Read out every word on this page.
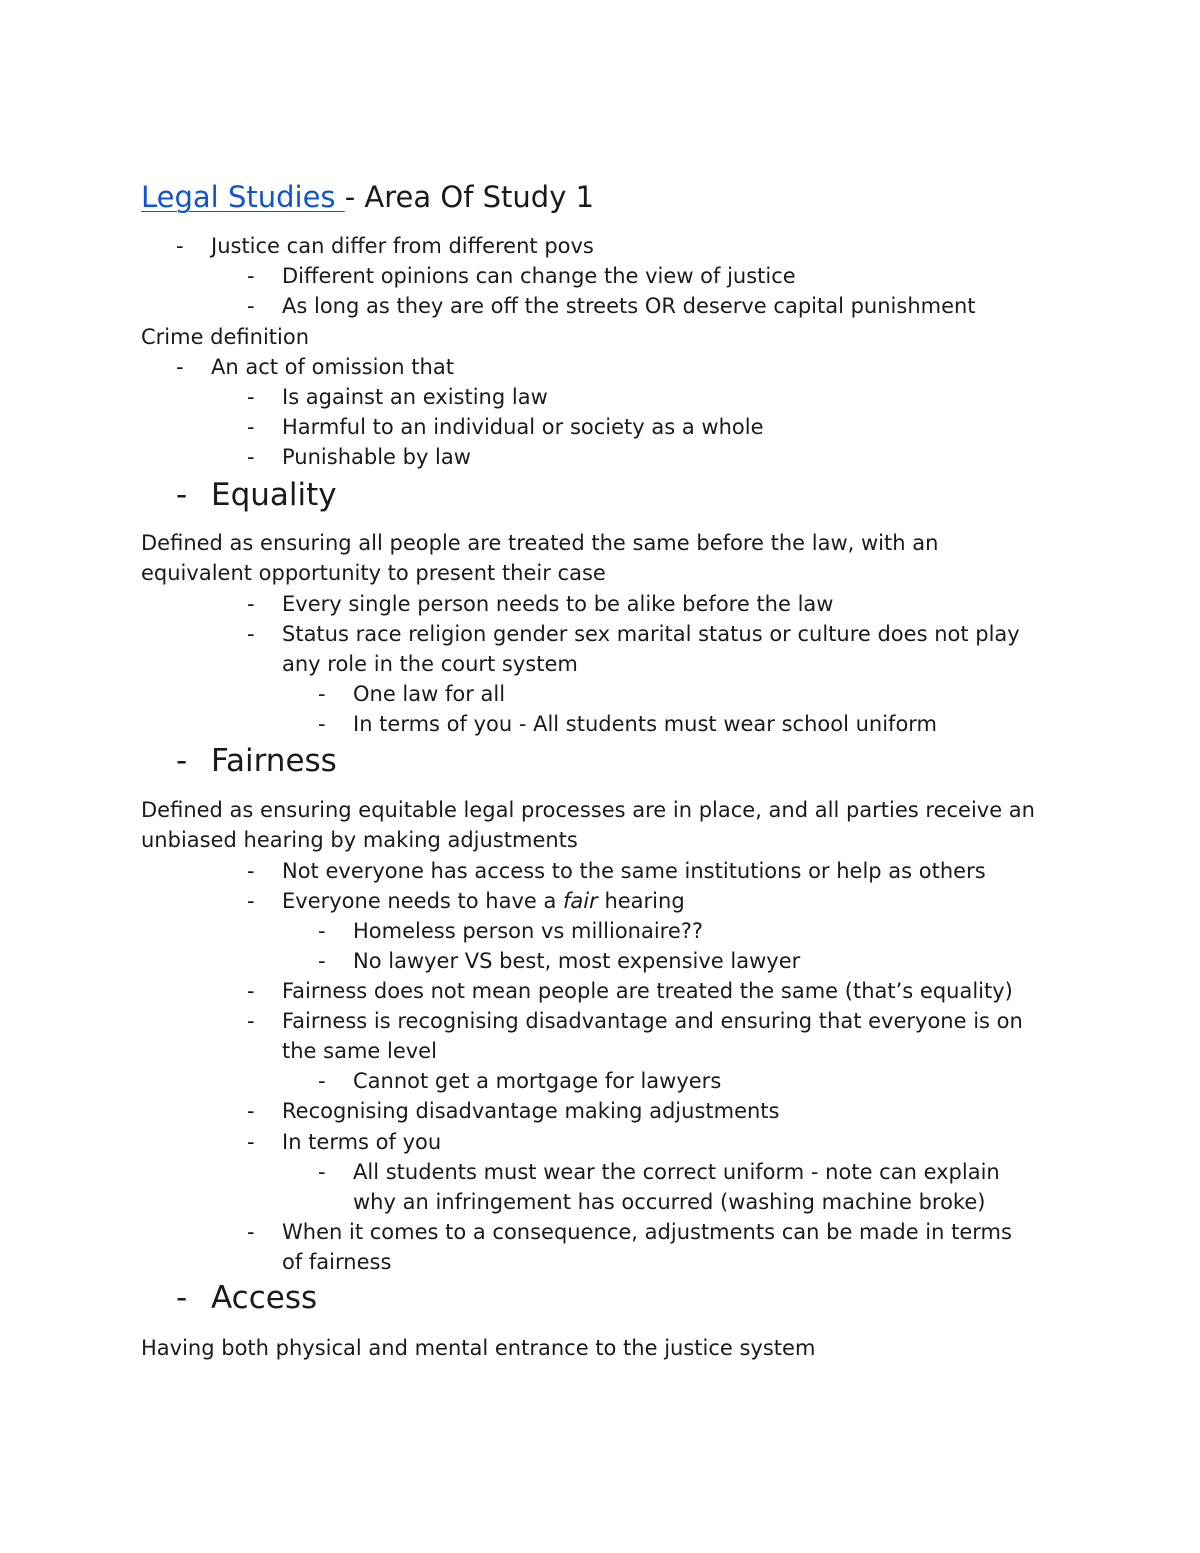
Legal Studies - Area Of Study 1
- Justice can differ from different povs
- Different opinions can change the view of justice
- As long as they are off the streets OR deserve capital punishment
Crime definition
- An act of omission that
- Is against an existing law
- Harmful to an individual or society as a whole
- Punishable by law
- Equality
Defined as ensuring all people are treated the same before the law, with an
equivalent opportunity to present their case
- Every single person needs to be alike before the law
- Status race religion gender sex marital status or culture does not play
any role in the court system
- One law for all
- In terms of you - All students must wear school uniform
- Fairness
Defined as ensuring equitable legal processes are in place, and all parties receive an
unbiased hearing by making adjustments
- Not everyone has access to the same institutions or help as others
- Everyone needs to have a fair hearing
- Homeless person vs millionaire??
- No lawyer VS best, most expensive lawyer
- Fairness does not mean people are treated the same (that’s equality)
- Fairness is recognising disadvantage and ensuring that everyone is on
the same level
- Cannot get a mortgage for lawyers
- Recognising disadvantage making adjustments
- In terms of you
- All students must wear the correct uniform - note can explain
why an infringement has occurred (washing machine broke)
- When it comes to a consequence, adjustments can be made in terms
of fairness
- Access
Having both physical and mental entrance to the justice system
